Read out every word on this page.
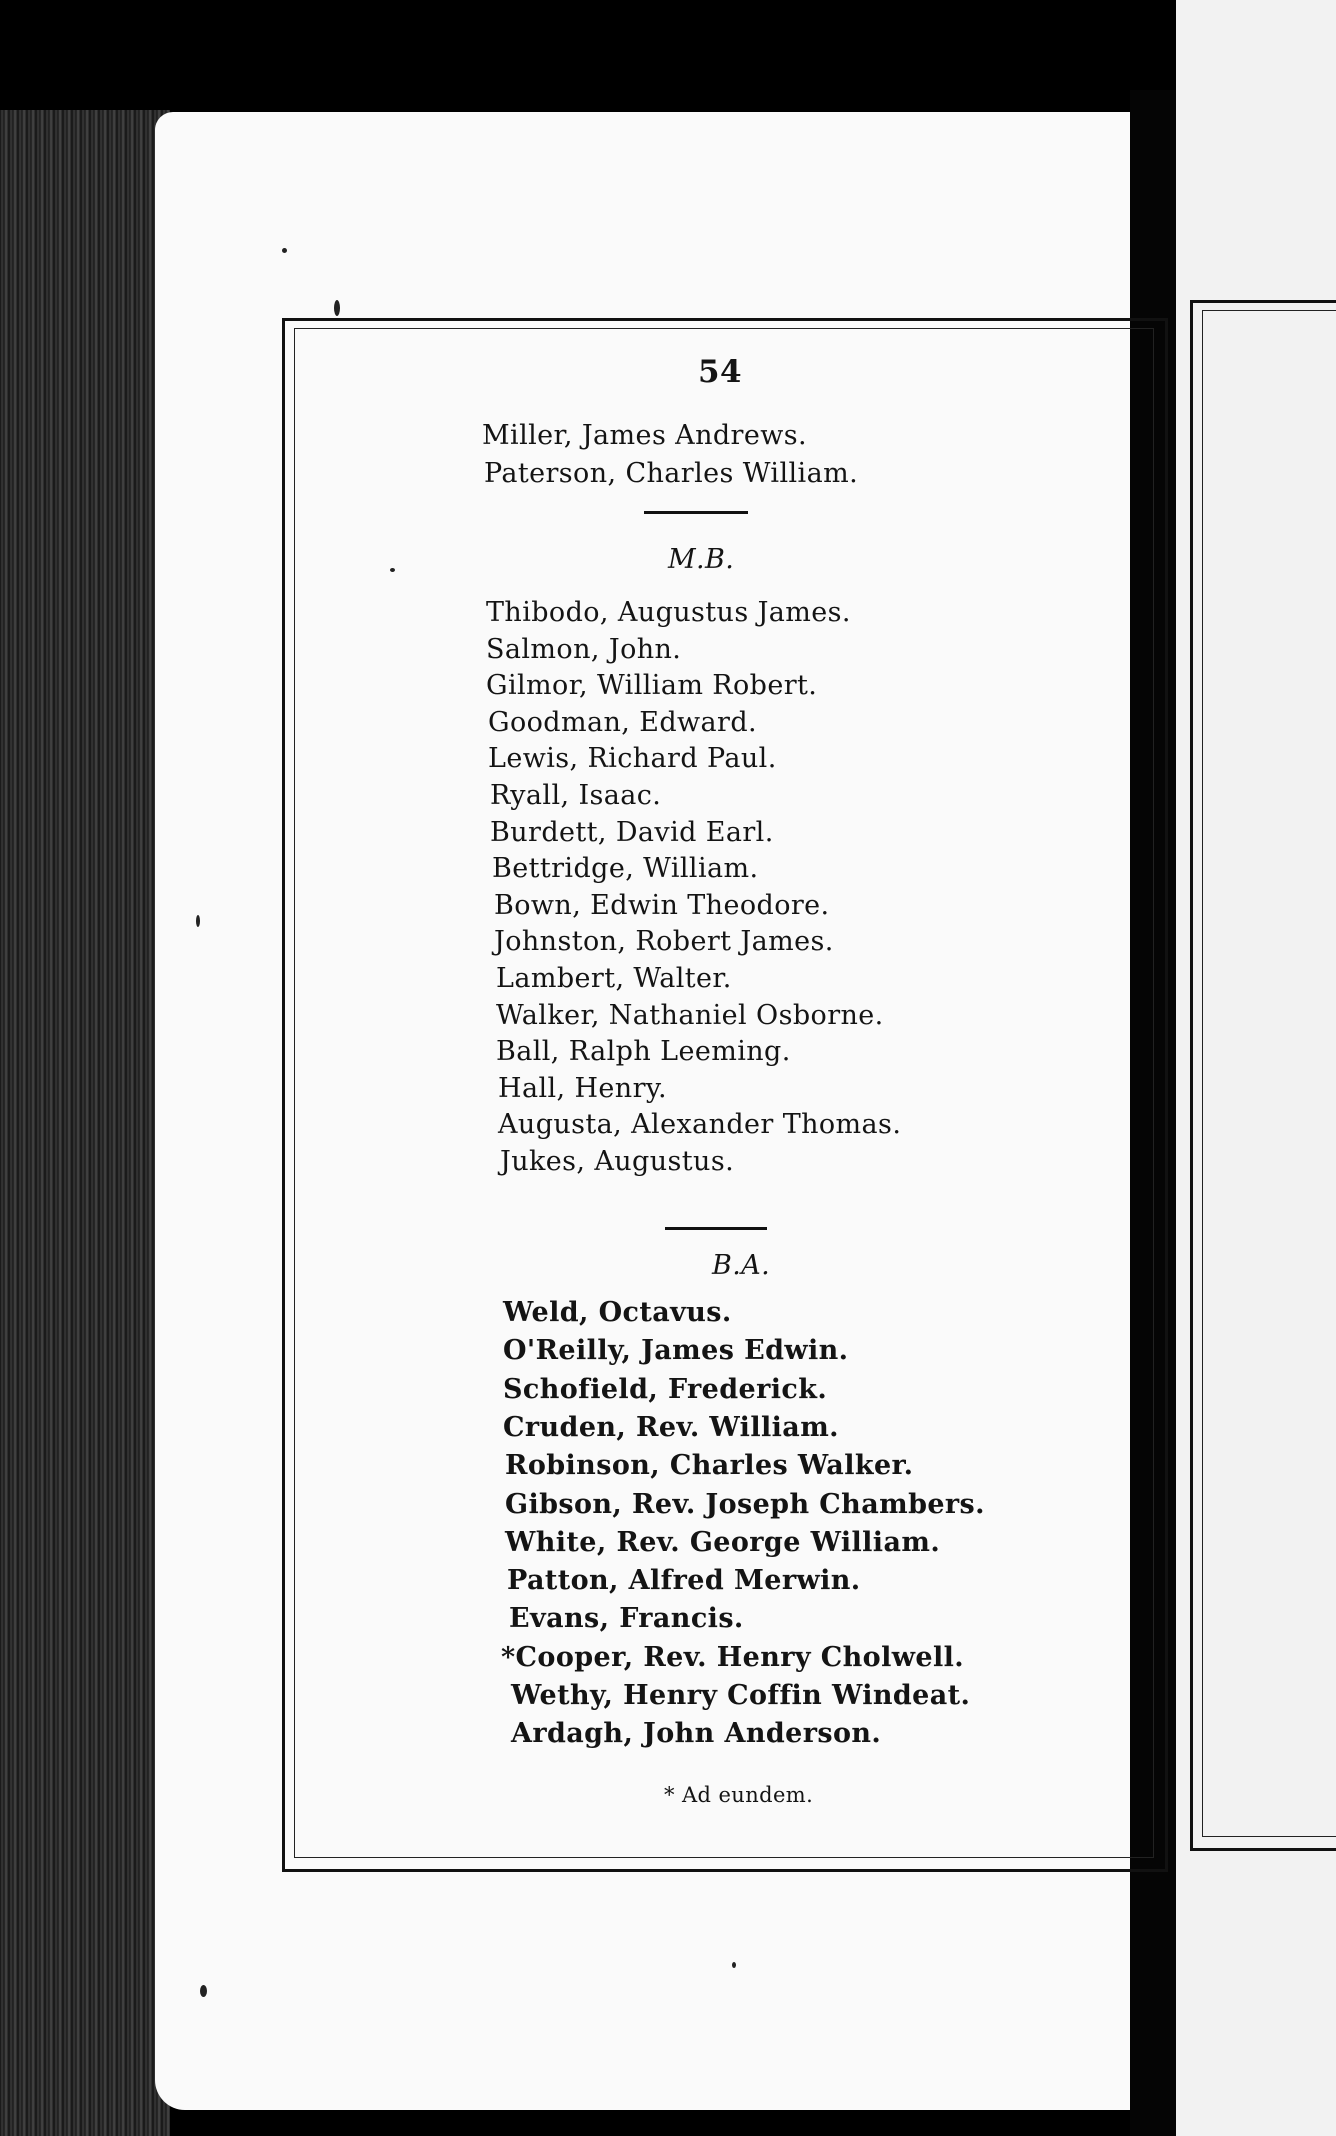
54
Miller, James Andrews.
Paterson, Charles William.
M.B.
Thibodo, Augustus James.
Salmon, John.
Gilmor, William Robert.
Goodman, Edward.
Lewis, Richard Paul.
Ryall, Isaac.
Burdett, David Earl.
Bettridge, William.
Bown, Edwin Theodore.
Johnston, Robert James.
Lambert, Walter.
Walker, Nathaniel Osborne.
Ball, Ralph Leeming.
Hall, Henry.
Augusta, Alexander Thomas.
Jukes, Augustus.
B.A.
Weld, Octavus.
O'Reilly, James Edwin.
Schofield, Frederick.
Cruden, Rev. William.
Robinson, Charles Walker.
Gibson, Rev. Joseph Chambers.
White, Rev. George William.
Patton, Alfred Merwin.
Evans, Francis.
*Cooper, Rev. Henry Cholwell.
Wethy, Henry Coffin Windeat.
Ardagh, John Anderson.
* Ad eundem.
